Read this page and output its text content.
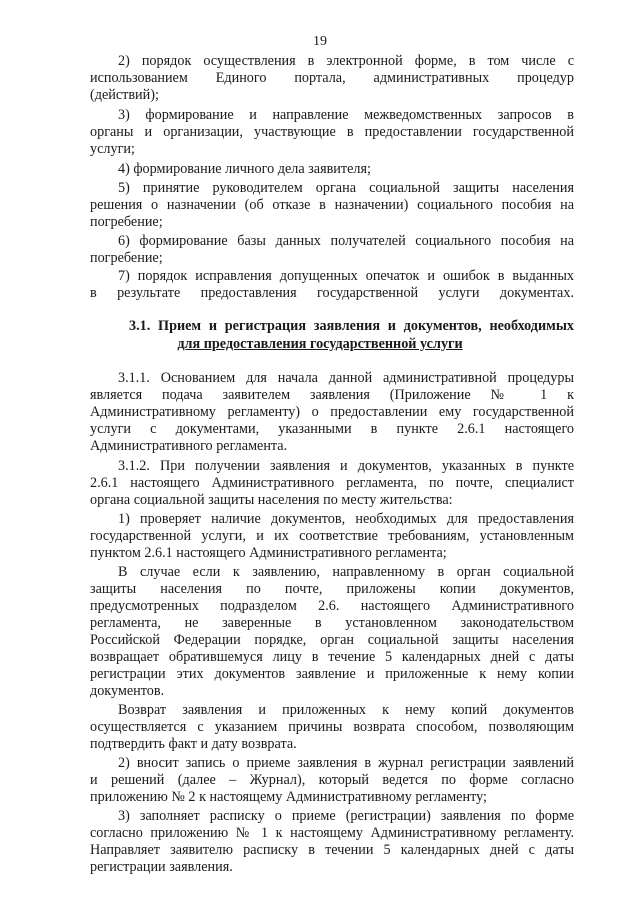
19
2) порядок осуществления в электронной форме, в том числе с
использованием Единого портала, административных процедур
(действий);
3) формирование и направление межведомственных запросов в
органы и организации, участвующие в предоставлении государственной
услуги;
4) формирование личного дела заявителя;
5) принятие руководителем органа социальной защиты населения
решения о назначении (об отказе в назначении) социального пособия на
погребение;
6) формирование базы данных получателей социального пособия на
погребение;
7) порядок исправления допущенных опечаток и ошибок в выданных
в результате предоставления государственной услуги документах.
3.1. Прием и регистрация заявления и документов, необходимых
для предоставления государственной услуги
3.1.1. Основанием для начала данной административной процедуры
является подача заявителем заявления (Приложение № 1 к
Административному регламенту) о предоставлении ему государственной
услуги с документами, указанными в пункте 2.6.1 настоящего
Административного регламента.
3.1.2. При получении заявления и документов, указанных в пункте
2.6.1 настоящего Административного регламента, по почте, специалист
органа социальной защиты населения по месту жительства:
1) проверяет наличие документов, необходимых для предоставления
государственной услуги, и их соответствие требованиям, установленным
пунктом 2.6.1 настоящего Административного регламента;
В случае если к заявлению, направленному в орган социальной
защиты населения по почте, приложены копии документов,
предусмотренных подразделом 2.6. настоящего Административного
регламента, не заверенные в установленном законодательством
Российской Федерации порядке, орган социальной защиты населения
возвращает обратившемуся лицу в течение 5 календарных дней с даты
регистрации этих документов заявление и приложенные к нему копии
документов.
Возврат заявления и приложенных к нему копий документов
осуществляется с указанием причины возврата способом, позволяющим
подтвердить факт и дату возврата.
2) вносит запись о приеме заявления в журнал регистрации заявлений
и решений (далее – Журнал), который ведется по форме согласно
приложению № 2 к настоящему Административному регламенту;
3) заполняет расписку о приеме (регистрации) заявления по форме
согласно приложению № 1 к настоящему Административному регламенту.
Направляет заявителю расписку в течении 5 календарных дней с даты
регистрации заявления.
